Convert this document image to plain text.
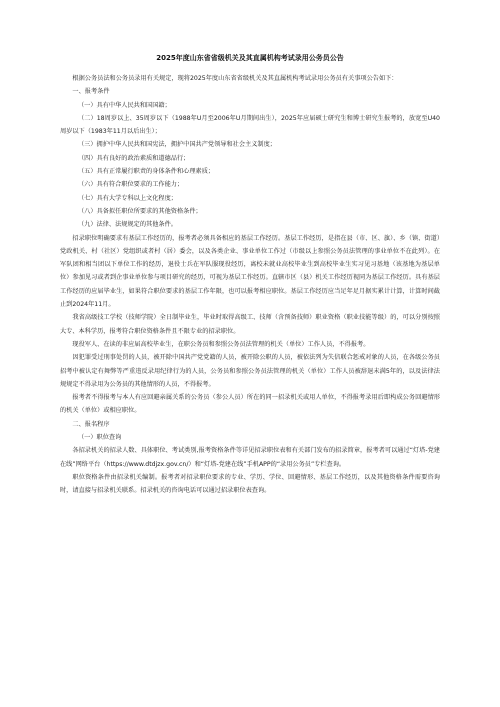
2025年度山东省省级机关及其直属机构考试录用公务员公告

根据公务员法和公务员录用有关规定，现将2025年度山东省省级机关及其直属机构考试录用公务员有关事项公告如下：

一、报考条件

（一）具有中华人民共和国国籍；

（二）18周岁以上、35周岁以下（1988年U月至2006年U月期间出生），2025年应届硕士研究生和博士研究生报考的，放宽至U40周岁以下（1983年11月以后出生）；

（三）拥护中华人民共和国宪法，拥护中国共产党领导和社会主义制度；

（四）具有良好的政治素质和道德品行；

（五）具有正常履行职责的身体条件和心理素质；

（六）具有符合职位要求的工作能力；

（七）具有大学专科以上文化程度；

（八）具备拟任职位所要求的其他资格条件；

（九）法律、法规规定的其他条件。

招录职位明确要求有基层工作经历的，报考者必须具备相应的基层工作经历。基层工作经历，是指在县（市、区、旗）、乡（镇、街道）党政机关、村（社区）党组织或者村（居）委会，以及各类企业、事业单位工作过（市级以上参照公务员法管理的事业单位不在此列）。在军队团和相当团以下单位工作的经历，退役士兵在军队服现役经历，离校未就业高校毕业生到高校毕业生实习见习基地（该基地为基层单位）参加见习或者到企事业单位参与项目研究的经历，可视为基层工作经历。直辖市区（县）机关工作经历视同为基层工作经历。具有基层工作经历的应届毕业生，如果符合职位要求的基层工作年限，也可以报考相应职位。基层工作经历应当足年足月据实累计计算，计算时间截止到2024年11月。

我省高级技工学校（技师学院）全日制毕业生，毕业时取得高级工、技师（含预备技师）职业资格（职业技能等级）的，可以分别按照大专、本科学历，报考符合职位资格条件且不限专业的招录职位。

现役军人、在读的非应届高校毕业生，在职公务员和参照公务员法管理的机关（单位）工作人员，不得报考。

因犯罪受过刑事处罚的人员，被开除中国共产党党籍的人员，被开除公职的人员，被依法列为失信联合惩戒对象的人员，在各级公务员招考中被认定有舞弊等严重违反录用纪律行为的人员，公务员和参照公务员法管理的机关（单位）工作人员被辞退未满5年的，以及法律法规规定不得录用为公务员的其他情形的人员，不得报考。

报考者不得报考与本人有应回避亲属关系的公务员（参公人员）所在的同一招录机关或用人单位，不得报考录用后即构成公务回避情形的机关（单位）或相应职位。

二、报名程序

（一）职位查询

各招录机关的招录人数、具体职位、考试类别,报考资格条件等详见招录职位表和有关部门发布的招录简章，报考者可以通过“灯塔-党建在线”网络平台（https://www.dtdjzx.gov.cn/）和“灯塔-党建在线”手机APP的“录用公务员”专栏查询。

职位资格条件由招录机关编制。报考者对招录职位要求的专业、学历、学位、回避情形、基层工作经历，以及其他资格条件需要咨询时，请直接与招录机关联系。招录机关的咨询电话可以通过招录职位表查询。
